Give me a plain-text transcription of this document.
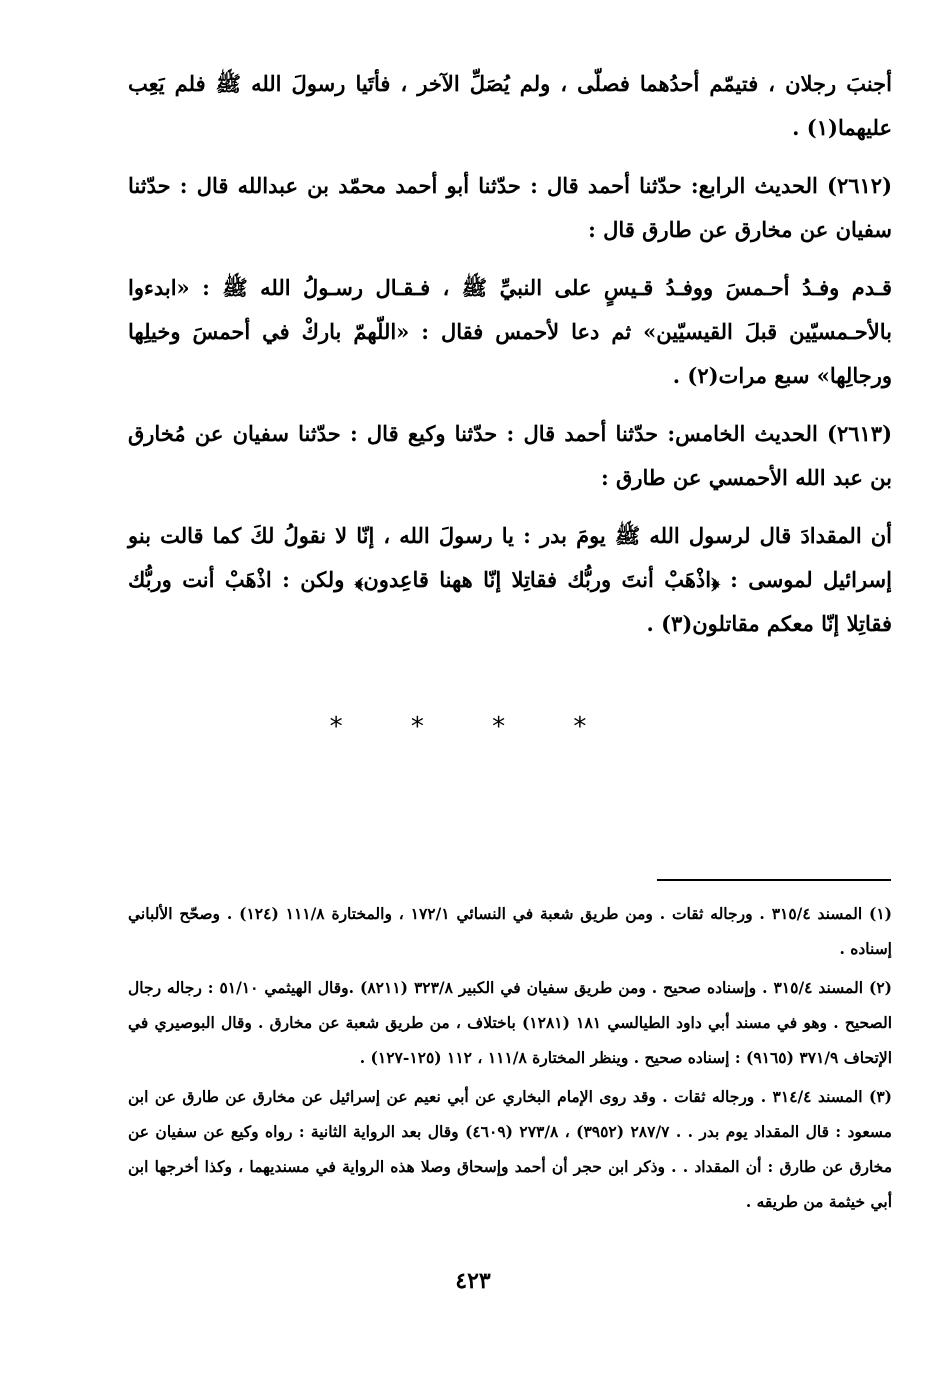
أجنبَ رجلان ، فتيمّم أحدُهما فصلّى ، ولم يُصَلِّ الآخر ، فأتَيا رسولَ الله ﷺ فلم يَعِب عليهما(١) .

(٢٦١٢) الحديث الرابع: حدّثنا أحمد قال : حدّثنا أبو أحمد محمّد بن عبدالله قال : حدّثنا سفيان عن مخارق عن طارق قال :

قـدم وفـدُ أحـمسَ ووفـدُ قـيسٍ على النبيِّ ﷺ ، فـقـال رسـولُ الله ﷺ : «ابدءوا بالأحـمسيّين قبلَ القيسيّين» ثم دعا لأحمس فقال : «اللّهمّ باركْ في أحمسَ وخيلِها ورجالِها» سبع مرات(٢) .

(٢٦١٣) الحديث الخامس: حدّثنا أحمد قال : حدّثنا وكيع قال : حدّثنا سفيان عن مُخارق بن عبد الله الأحمسي عن طارق :

أن المقدادَ قال لرسول الله ﷺ يومَ بدر : يا رسولَ الله ، إنّا لا نقولُ لكَ كما قالت بنو إسرائيل لموسى : ﴿اذْهَبْ أنتَ وربُّك فقاتِلا إنّا ههنا قاعِدون﴾ ولكن : اذْهَبْ أنت وربُّك فقاتِلا إنّا معكم مقاتلون(٣) .

* * * *

(١) المسند ٣١٥/٤ . ورجاله ثقات . ومن طريق شعبة في النسائي ١٧٢/١ ، والمختارة ١١١/٨ (١٢٤) . وصحّح الألباني إسناده .

(٢) المسند ٣١٥/٤ . وإسناده صحيح . ومن طريق سفيان في الكبير ٣٢٣/٨ (٨٢١١) .وقال الهيثمي ٥١/١٠ : رجاله رجال الصحيح . وهو في مسند أبي داود الطيالسي ١٨١ (١٢٨١) باختلاف ، من طريق شعبة عن مخارق . وقال البوصيري في الإتحاف ٣٧١/٩ (٩١٦٥) : إسناده صحيح . وينظر المختارة ١١١/٨ ، ١١٢ (١٢٥-١٢٧) .

(٣) المسند ٣١٤/٤ . ورجاله ثقات . وقد روى الإمام البخاري عن أبي نعيم عن إسرائيل عن مخارق عن طارق عن ابن مسعود : قال المقداد يوم بدر . . ٢٨٧/٧ (٣٩٥٢) ، ٢٧٣/٨ (٤٦٠٩) وقال بعد الرواية الثانية : رواه وكيع عن سفيان عن مخارق عن طارق : أن المقداد . . وذكر ابن حجر أن أحمد وإسحاق وصلا هذه الرواية في مسنديهما ، وكذا أخرجها ابن أبي خيثمة من طريقه .

٤٢٣
